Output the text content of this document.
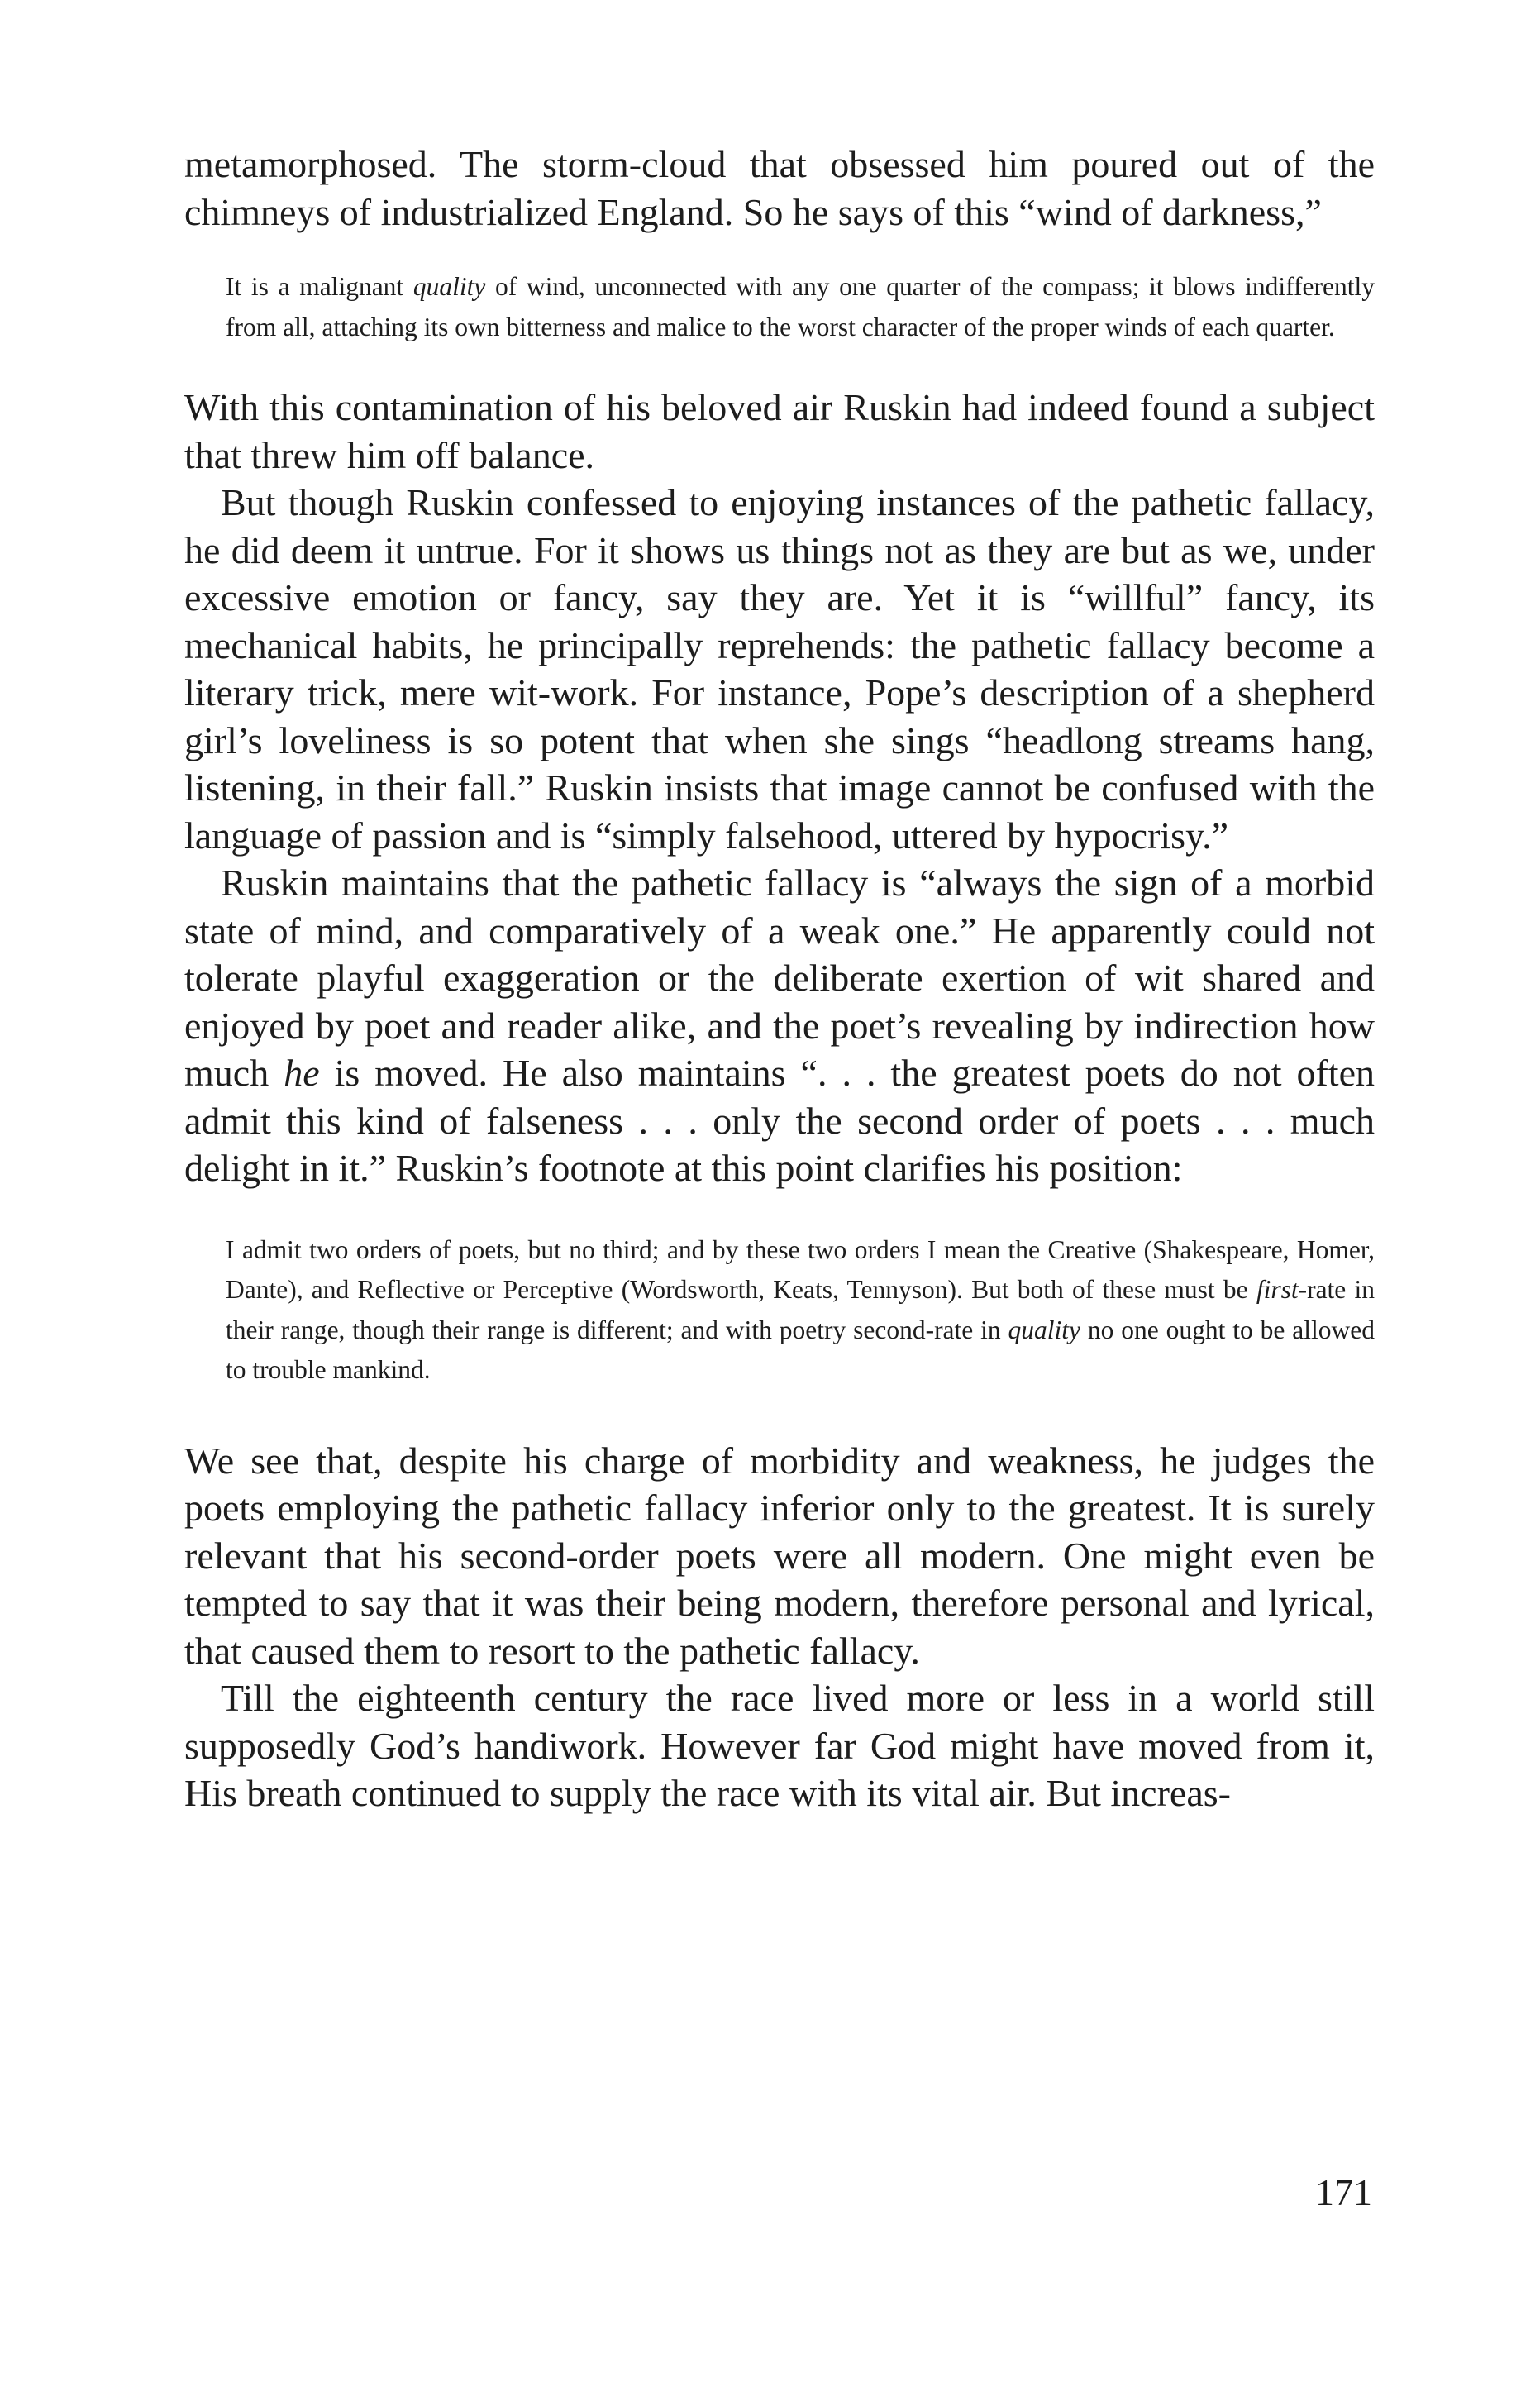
metamorphosed. The storm-cloud that obsessed him poured out of the chimneys of industrialized England. So he says of this “wind of darkness,”

It is a malignant quality of wind, unconnected with any one quarter of the compass; it blows indifferently from all, attaching its own bitterness and malice to the worst character of the proper winds of each quarter.

With this contamination of his beloved air Ruskin had indeed found a subject that threw him off balance.

But though Ruskin confessed to enjoying instances of the pathetic fallacy, he did deem it untrue. For it shows us things not as they are but as we, under excessive emotion or fancy, say they are. Yet it is “willful” fancy, its mechanical habits, he principally reprehends: the pathetic fallacy become a literary trick, mere wit-work. For instance, Pope’s description of a shepherd girl’s loveliness is so potent that when she sings “headlong streams hang, listening, in their fall.” Ruskin insists that image cannot be confused with the language of passion and is “simply falsehood, uttered by hypocrisy.”

Ruskin maintains that the pathetic fallacy is “always the sign of a morbid state of mind, and comparatively of a weak one.” He apparently could not tolerate playful exaggeration or the deliberate exertion of wit shared and enjoyed by poet and reader alike, and the poet’s revealing by indirection how much he is moved. He also maintains “. . . the greatest poets do not often admit this kind of falseness . . . only the second order of poets . . . much delight in it.” Ruskin’s footnote at this point clarifies his position:

I admit two orders of poets, but no third; and by these two orders I mean the Creative (Shakespeare, Homer, Dante), and Reflective or Perceptive (Wordsworth, Keats, Tennyson). But both of these must be first-rate in their range, though their range is different; and with poetry second-rate in quality no one ought to be allowed to trouble mankind.

We see that, despite his charge of morbidity and weakness, he judges the poets employing the pathetic fallacy inferior only to the greatest. It is surely relevant that his second-order poets were all modern. One might even be tempted to say that it was their being modern, therefore personal and lyrical, that caused them to resort to the pathetic fallacy.

Till the eighteenth century the race lived more or less in a world still supposedly God’s handiwork. However far God might have moved from it, His breath continued to supply the race with its vital air. But increas-

171
